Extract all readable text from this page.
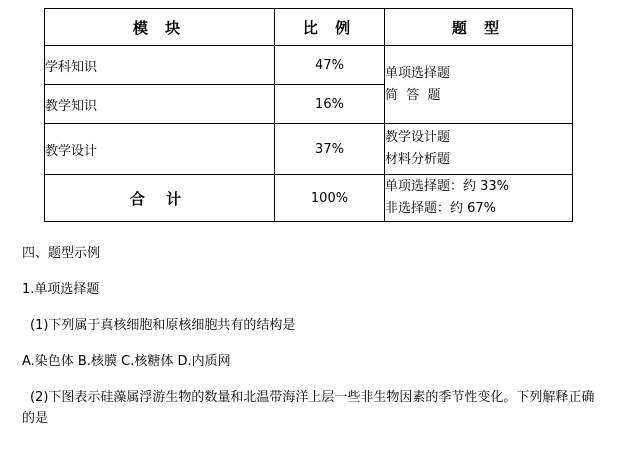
模 块	比 例	题 型
学科知识	47%	单项选择题
简  答  题

教学知识	16%	
教学设计	37%	教学设计题
材料分析题

合 计	100%	单项选择题：约 33%
非选择题：约 67%
四、题型示例
1.单项选择题
(1)下列属于真核细胞和原核细胞共有的结构是
A.染色体 B.核膜 C.核糖体 D.内质网
(2)下图表示硅藻属浮游生物的数量和北温带海洋上层一些非生物因素的季节性变化。下列解释正确
的是
